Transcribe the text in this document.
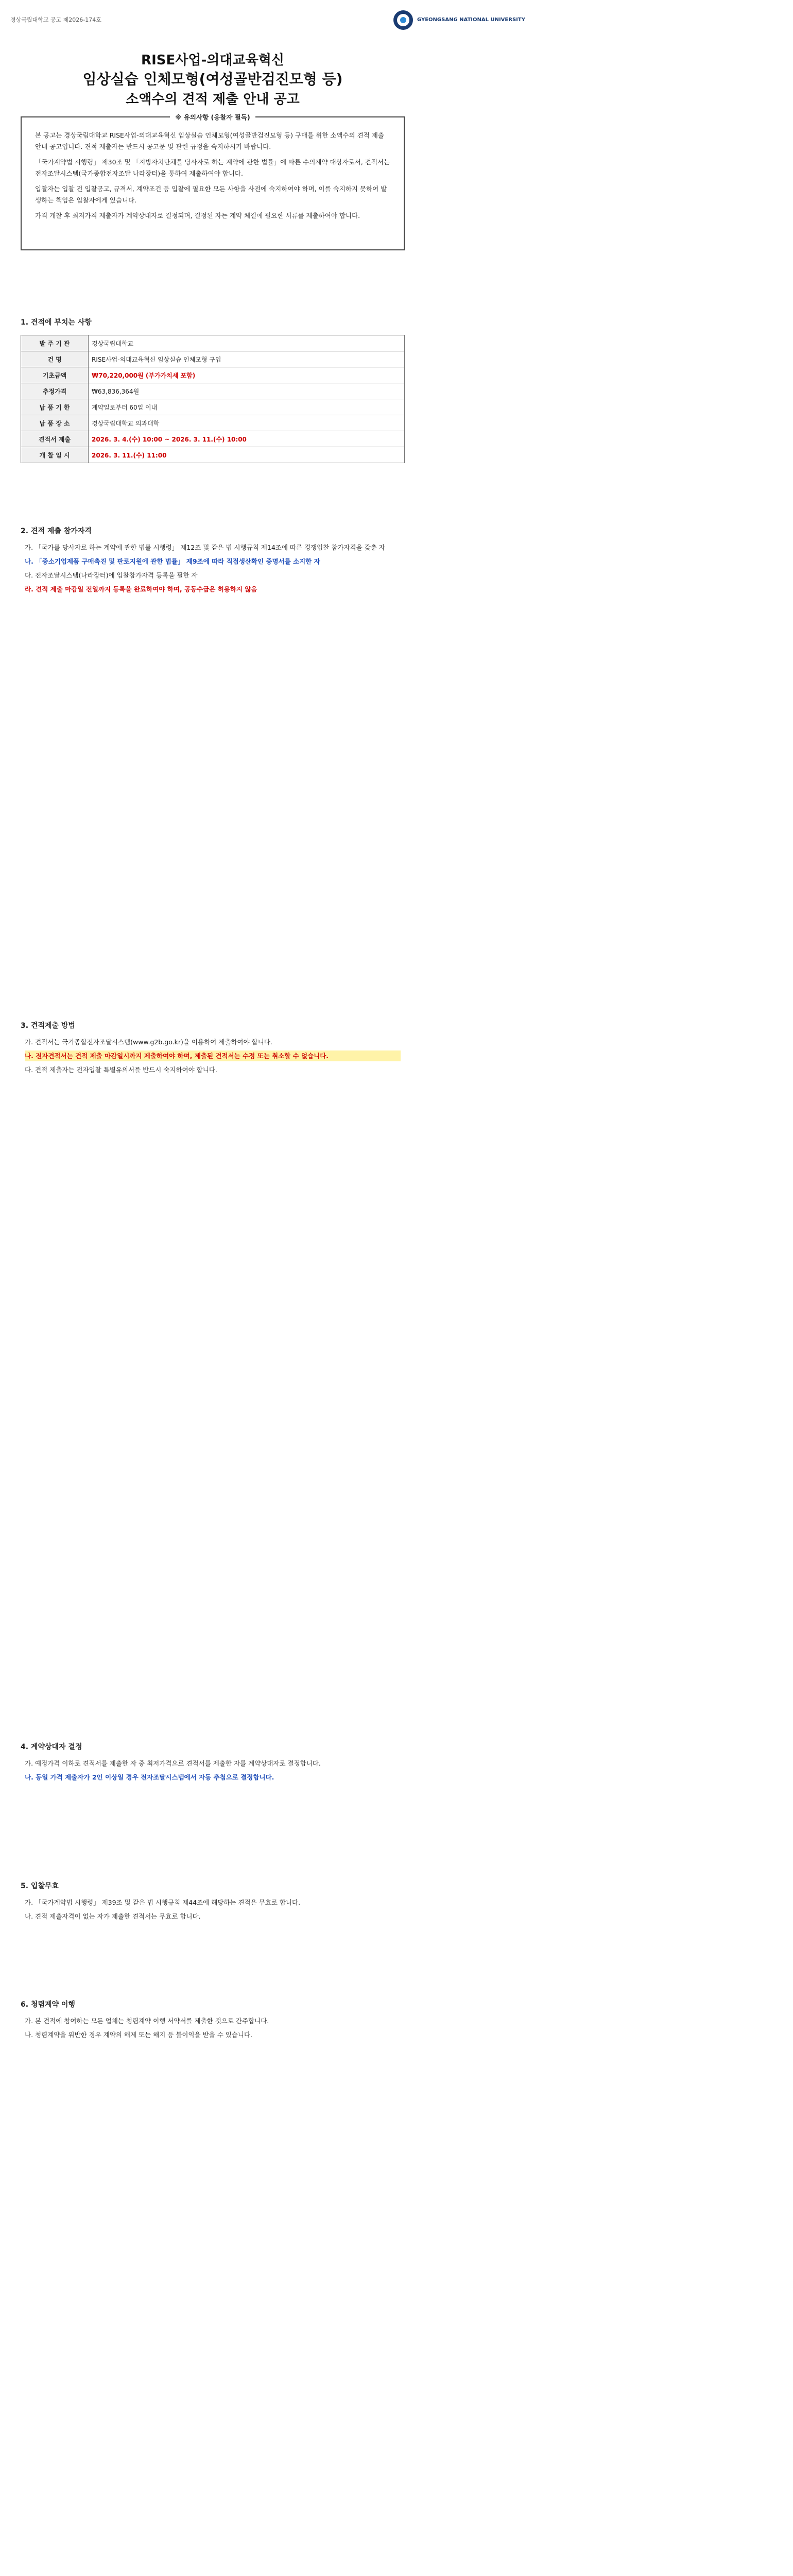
경상국립대학교 공고 제2026-174호	GYEONGSANG NATIONAL UNIVERSITY
RISE사업-의대교육혁신
임상실습 인체모형(여성골반검진모형 등)
소액수의 견적 제출 안내 공고
※ 유의사항 (응찰자 필독)

본 공고는 경상국립대학교 RISE사업-의대교육혁신 임상실습 인체모형(여성골반검진모형 등) 구매를 위한 소액수의 견적 제출 안내 공고입니다. 견적 제출자는 반드시 공고문 및 관련 규정을 숙지하시기 바랍니다.

「국가계약법 시행령」 제30조 및 「지방자치단체를 당사자로 하는 계약에 관한 법률」에 따른 수의계약 대상자로서, 견적서는 전자조달시스템(국가종합전자조달 나라장터)을 통하여 제출하여야 합니다.

입찰자는 입찰 전 입찰공고, 규격서, 계약조건 등 입찰에 필요한 모든 사항을 사전에 숙지하여야 하며, 이를 숙지하지 못하여 발생하는 책임은 입찰자에게 있습니다.

가격 개찰 후 최저가격 제출자가 계약상대자로 결정되며, 결정된 자는 계약 체결에 필요한 서류를 제출하여야 합니다.

1. 견적에 부치는 사항
발 주 기 관	경상국립대학교
건 명	RISE사업-의대교육혁신 임상실습 인체모형 구입
기초금액	₩70,220,000원 (부가가치세 포함)
추정가격	₩63,836,364원
납 품 기 한	계약일로부터 60일 이내
납 품 장 소	경상국립대학교 의과대학
견적서 제출	2026. 3. 4.(수) 10:00 ~ 2026. 3. 11.(수) 10:00
개 찰 일 시	2026. 3. 11.(수) 11:00
2. 견적 제출 참가자격

가. 「국가를 당사자로 하는 계약에 관한 법률 시행령」 제12조 및 같은 법 시행규칙 제14조에 따른 경쟁입찰 참가자격을 갖춘 자

나. 「중소기업제품 구매촉진 및 판로지원에 관한 법률」 제9조에 따라 직접생산확인 증명서를 소지한 자

다. 전자조달시스템(나라장터)에 입찰참가자격 등록을 필한 자

라. 견적 제출 마감일 전일까지 등록을 완료하여야 하며, 공동수급은 허용하지 않음

3. 견적제출 방법

가. 견적서는 국가종합전자조달시스템(www.g2b.go.kr)을 이용하여 제출하여야 합니다.

나. 전자견적서는 견적 제출 마감일시까지 제출하여야 하며, 제출된 견적서는 수정 또는 취소할 수 없습니다.

다. 견적 제출자는 전자입찰 특별유의서를 반드시 숙지하여야 합니다.

4. 계약상대자 결정

가. 예정가격 이하로 견적서를 제출한 자 중 최저가격으로 견적서를 제출한 자를 계약상대자로 결정합니다.

나. 동일 가격 제출자가 2인 이상일 경우 전자조달시스템에서 자동 추첨으로 결정합니다.

5. 입찰무효

가. 「국가계약법 시행령」 제39조 및 같은 법 시행규칙 제44조에 해당하는 견적은 무효로 합니다.

나. 견적 제출자격이 없는 자가 제출한 견적서는 무효로 합니다.

6. 청렴계약 이행

가. 본 견적에 참여하는 모든 업체는 청렴계약 이행 서약서를 제출한 것으로 간주합니다.

나. 청렴계약을 위반한 경우 계약의 해제 또는 해지 등 불이익을 받을 수 있습니다.
